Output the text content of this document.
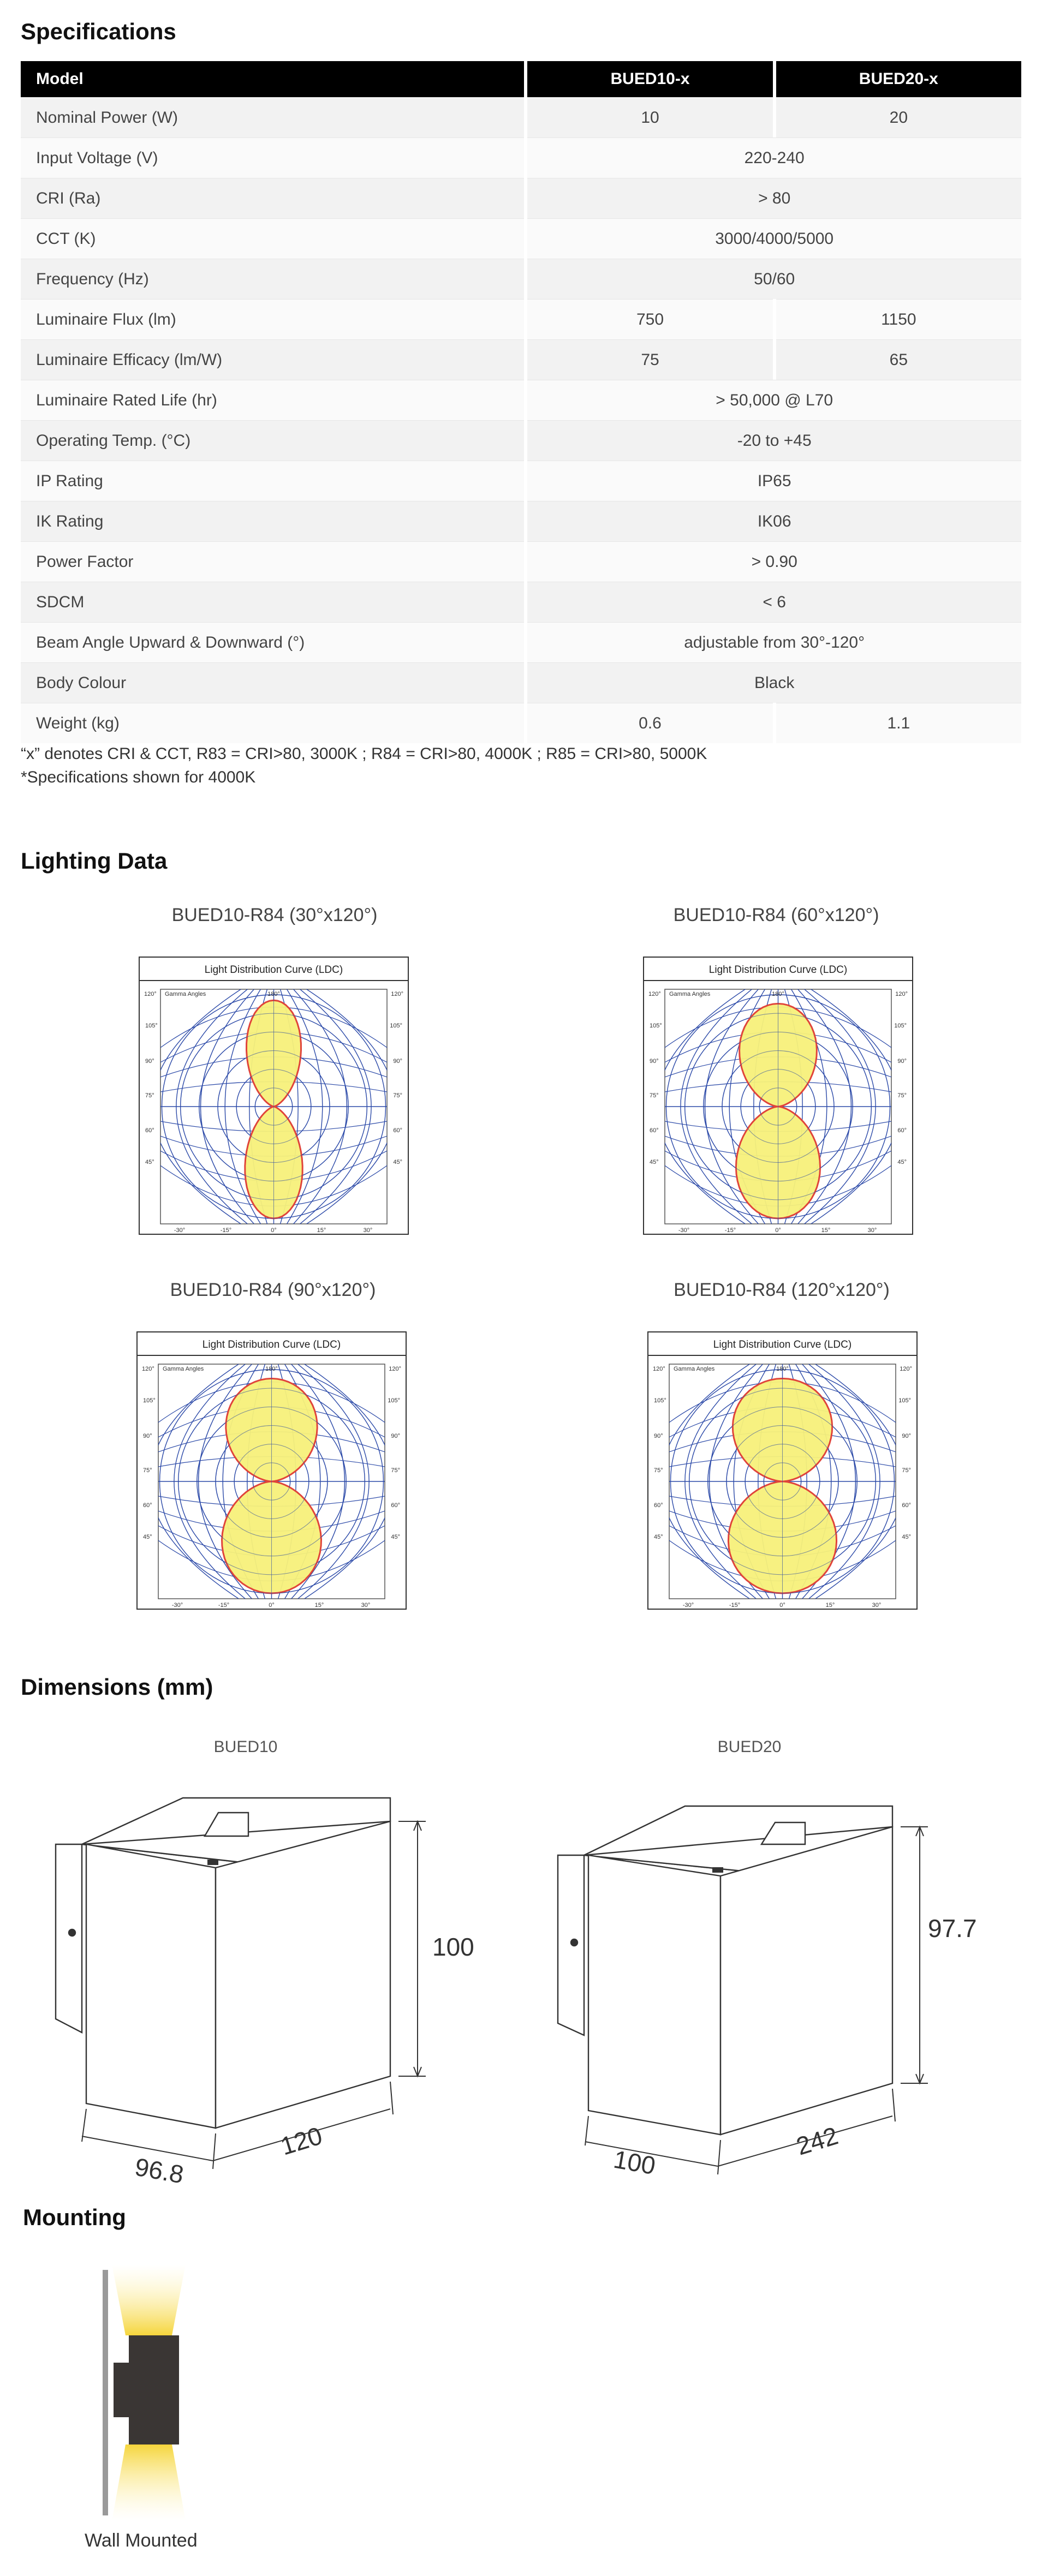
Specifications
Model	BUED10-x	BUED20-x
Nominal Power (W)	10	20
Input Voltage (V)	220-240	
CRI (Ra)	> 80	
CCT (K)	3000/4000/5000	
Frequency (Hz)	50/60	
Luminaire Flux (lm)	750	1150
Luminaire Efficacy (lm/W)	75	65
Luminaire Rated Life (hr)	> 50,000 @ L70	
Operating Temp. (°C)	-20 to +45	
IP Rating	IP65	
IK Rating	IK06	
Power Factor	> 0.90	
SDCM	< 6	
Beam Angle Upward & Downward (°)	adjustable from 30°-120°	
Body Colour	Black	
Weight (kg)	0.6	1.1
“x” denotes CRI & CCT, R83 = CRI>80, 3000K ; R84 = CRI>80, 4000K ; R85 = CRI>80, 5000K
*Specifications shown for 4000K
Lighting Data
BUED10-R84 (30°x120°)	BUED10-R84 (60°x120°)
BUED10-R84 (90°x120°)	BUED10-R84 (120°x120°)
Light Distribution Curve (LDC)
120° Gamma Angles	180°	120°
105°	105°
90°	90°
75°	75°
60°	60°
45°	45°
-30°	-15°	0°	15°	30°
Light Distribution Curve (LDC)
120° Gamma Angles	180°	120°
105°	105°
90°	90°
75°	75°
60°	60°
45°	45°
-30°	-15°	0°	15°	30°
Light Distribution Curve (LDC)
120° Gamma Angles	180°	120°
105°	105°
90°	90°
75°	75°
60°	60°
45°	45°
-30°	-15°	0°	15°	30°
Light Distribution Curve (LDC)
120° Gamma Angles	180°	120°
105°	105°
90°	90°
75°	75°
60°	60°
45°	45°
-30°	-15°	0°	15°	30°
Dimensions (mm)
BUED10	BUED20
100
96.8
120
97.7
100
242
Mounting
Wall Mounted
